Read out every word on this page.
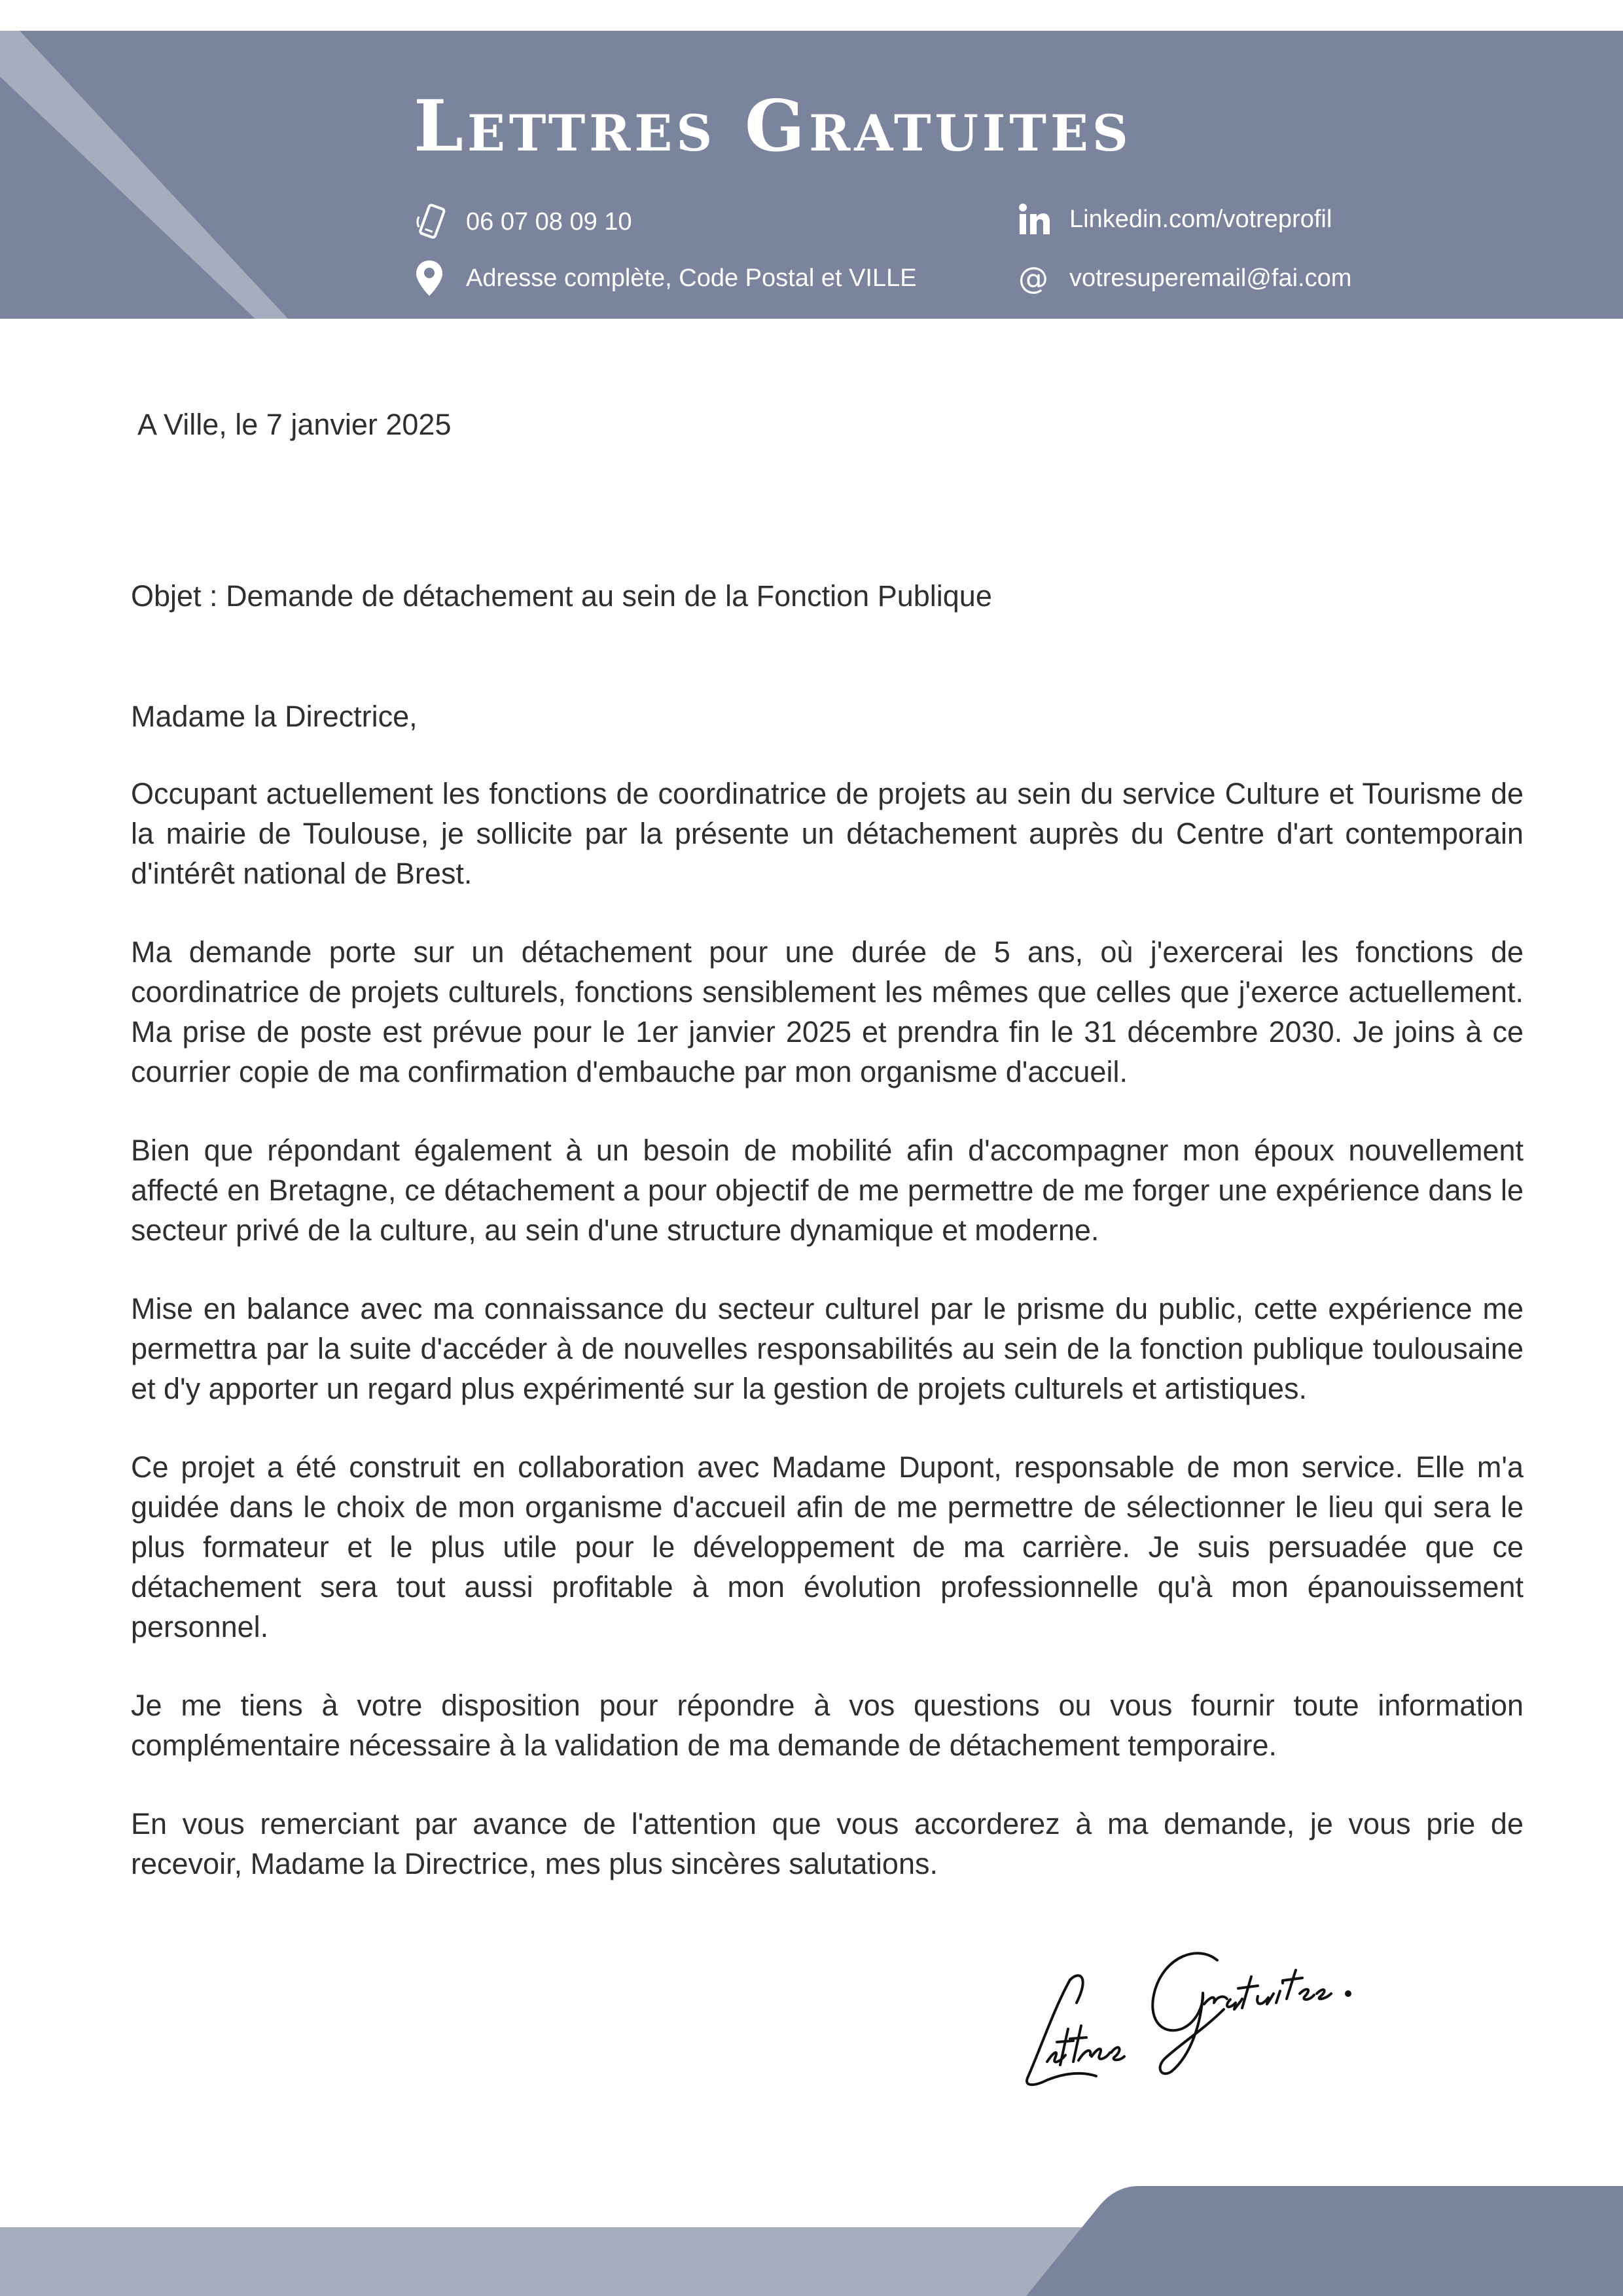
Lettres Gratuites
06 07 08 09 10
Adresse complète, Code Postal et VILLE
Linkedin.com/votreprofil
@ votresuperemail@fai.com
A Ville, le 7 janvier 2025
Objet : Demande de détachement au sein de la Fonction Publique
Madame la Directrice,

Occupant actuellement les fonctions de coordinatrice de projets au sein du service Culture et Tourisme de la mairie de Toulouse, je sollicite par la présente un détachement auprès du Centre d'art contemporain d'intérêt national de Brest.

Ma demande porte sur un détachement pour une durée de 5 ans, où j'exercerai les fonctions de coordinatrice de projets culturels, fonctions sensiblement les mêmes que celles que j'exerce actuellement. Ma prise de poste est prévue pour le 1er janvier 2025 et prendra fin le 31 décembre 2030. Je joins à ce courrier copie de ma confirmation d'embauche par mon organisme d'accueil.

Bien que répondant également à un besoin de mobilité afin d'accompagner mon époux nouvellement affecté en Bretagne, ce détachement a pour objectif de me permettre de me forger une expérience dans le secteur privé de la culture, au sein d'une structure dynamique et moderne.

Mise en balance avec ma connaissance du secteur culturel par le prisme du public, cette expérience me permettra par la suite d'accéder à de nouvelles responsabilités au sein de la fonction publique toulousaine et d'y apporter un regard plus expérimenté sur la gestion de projets culturels et artistiques.

Ce projet a été construit en collaboration avec Madame Dupont, responsable de mon service. Elle m'a guidée dans le choix de mon organisme d'accueil afin de me permettre de sélectionner le lieu qui sera le plus formateur et le plus utile pour le développement de ma carrière. Je suis persuadée que ce détachement sera tout aussi profitable à mon évolution professionnelle qu'à mon épanouissement personnel.

Je me tiens à votre disposition pour répondre à vos questions ou vous fournir toute information complémentaire nécessaire à la validation de ma demande de détachement temporaire.

En vous remerciant par avance de l'attention que vous accorderez à ma demande, je vous prie de recevoir, Madame la Directrice, mes plus sincères salutations.
